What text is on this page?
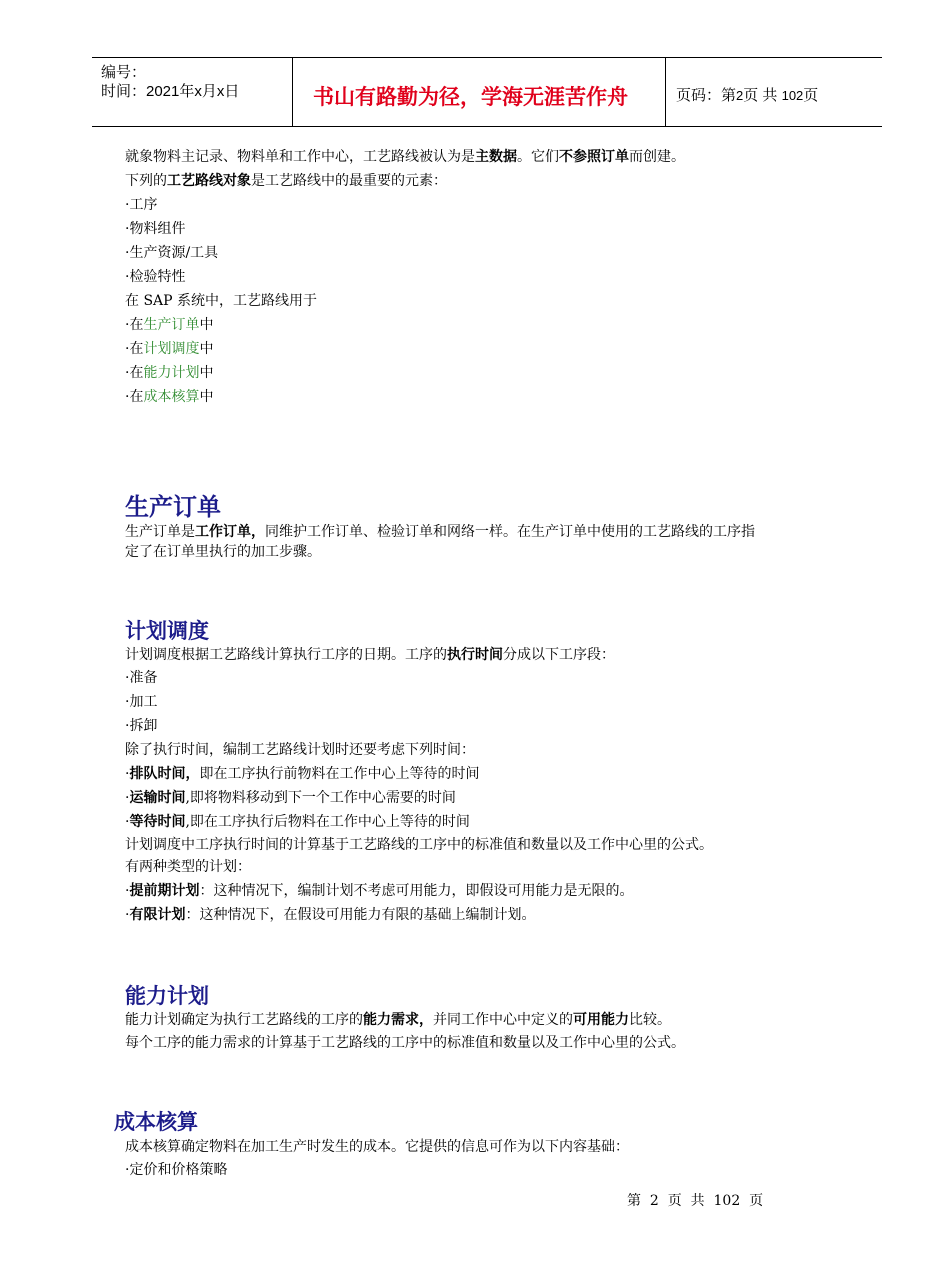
编号：
时间：2021年x月x日	书山有路勤为径，学海无涯苦作舟	页码：第2页 共 102页
就象物料主记录、物料单和工作中心，工艺路线被认为是主数据。它们不参照订单而创建。
下列的工艺路线对象是工艺路线中的最重要的元素：
·工序
·物料组件
·生产资源/工具
·检验特性
在 SAP 系统中，工艺路线用于
·在生产订单中
·在计划调度中
·在能力计划中
·在成本核算中
生产订单
生产订单是工作订单，同维护工作订单、检验订单和网络一样。在生产订单中使用的工艺路线的工序指
定了在订单里执行的加工步骤。
计划调度
计划调度根据工艺路线计算执行工序的日期。工序的执行时间分成以下工序段：
·准备
·加工
·拆卸
除了执行时间，编制工艺路线计划时还要考虑下列时间：
·排队时间，即在工序执行前物料在工作中心上等待的时间
·运输时间,即将物料移动到下一个工作中心需要的时间
·等待时间,即在工序执行后物料在工作中心上等待的时间
计划调度中工序执行时间的计算基于工艺路线的工序中的标准值和数量以及工作中心里的公式。
有两种类型的计划：
·提前期计划：这种情况下，编制计划不考虑可用能力，即假设可用能力是无限的。
·有限计划：这种情况下，在假设可用能力有限的基础上编制计划。
能力计划
能力计划确定为执行工艺路线的工序的能力需求，并同工作中心中定义的可用能力比较。
每个工序的能力需求的计算基于工艺路线的工序中的标准值和数量以及工作中心里的公式。
成本核算
成本核算确定物料在加工生产时发生的成本。它提供的信息可作为以下内容基础：
·定价和价格策略
第  2  页  共  102  页
